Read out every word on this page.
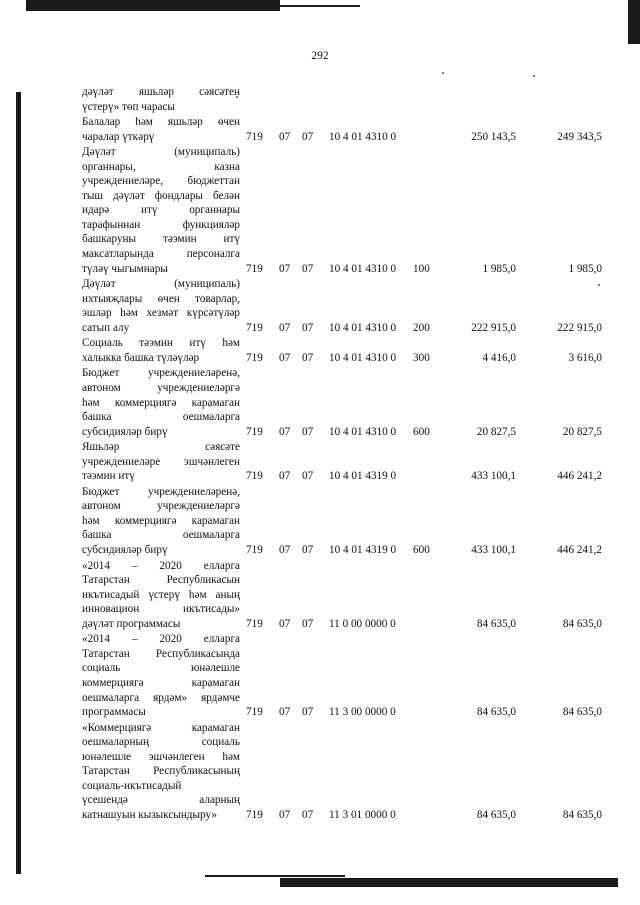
292
дәүләт яшьләр сәясәтен
үстерү» төп чарасы
Балалар һәм яшьләр өчен
чаралар үткәрү	719 07 07 10 4 01 4310 0	250 143,5	249 343,5
Дәүләт (муниципаль)
органнары, казна
учреждениеләре, бюджеттан
тыш дәүләт фондлары белән
идарә итү органнары
тарафыннан функцияләр
башкаруны тәэмин итү
максатларында персоналга
түләү чыгымнары	719 07 07 10 4 01 4310 0 100	1 985,0	1 985,0
Дәүләт (муниципаль)
ихтыяҗлары өчен товарлар,
эшләр һәм хезмәт күрсәтүләр
сатып алу	719 07 07 10 4 01 4310 0 200	222 915,0	222 915,0
Социаль тәэмин итү һәм
халыкка башка түләүләр	719 07 07 10 4 01 4310 0 300	4 416,0	3 616,0
Бюджет учреждениеләренә,
автоном учреждениеләргә
һәм коммерциягә карамаган
башка оешмаларга
субсидияләр бирү	719 07 07 10 4 01 4310 0 600	20 827,5	20 827,5
Яшьләр сәясәте
учреждениеләре эшчәнлеген
тәэмин итү	719 07 07 10 4 01 4319 0	433 100,1	446 241,2
Бюджет учреждениеләренә,
автоном учреждениеләргә
һәм коммерциягә карамаган
башка оешмаларга
субсидияләр бирү	719 07 07 10 4 01 4319 0 600	433 100,1	446 241,2
«2014 – 2020 елларга
Татарстан Республикасын
икътисадый үстерү һәм аның
инновацион икътисады»
дәүләт программасы	719 07 07 11 0 00 0000 0	84 635,0	84 635,0
«2014 – 2020 елларга
Татарстан Республикасында
социаль юнәлешле
коммерциягә карамаган
оешмаларга ярдәм» ярдәмче
программасы	719 07 07 11 3 00 0000 0	84 635,0	84 635,0
«Коммерциягә карамаган
оешмаларның социаль
юнәлешле эшчәнлеген һәм
Татарстан Республикасының
социаль-икътисадый
үсешендә аларның
катнашуын кызыксындыру»	719 07 07 11 3 01 0000 0	84 635,0	84 635,0
